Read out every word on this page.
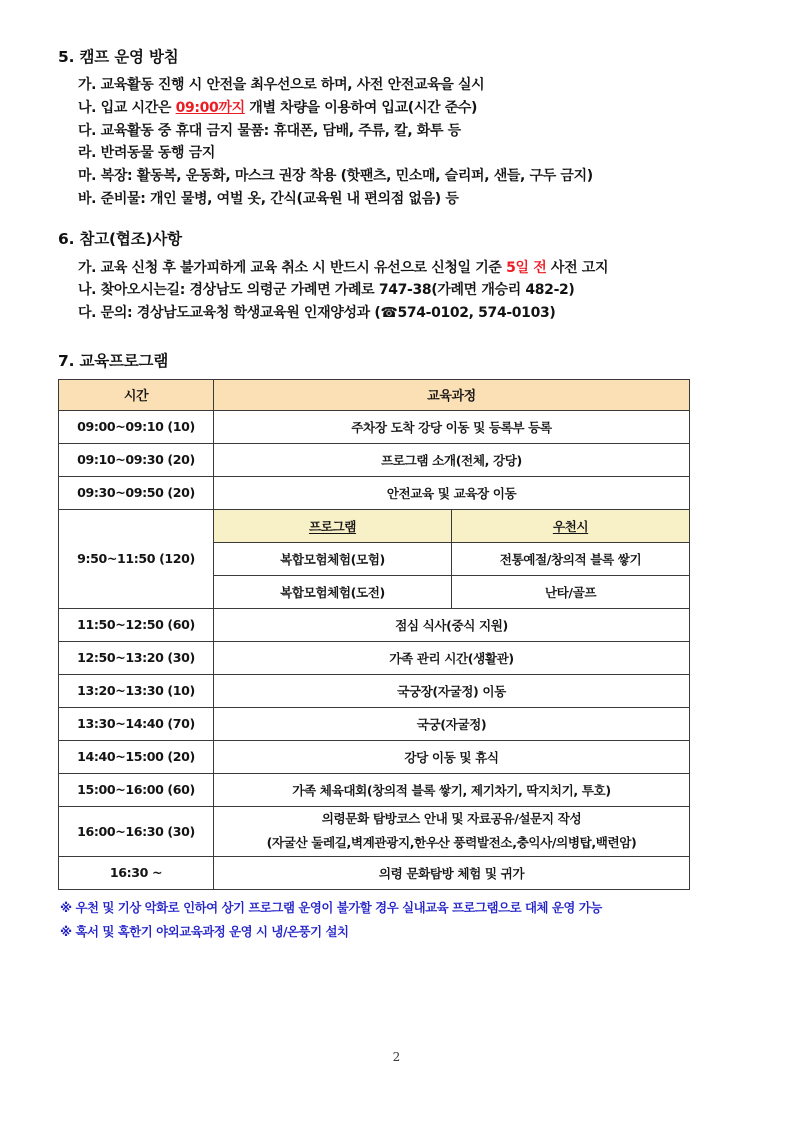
5. 캠프 운영 방침
가. 교육활동 진행 시 안전을 최우선으로 하며, 사전 안전교육을 실시
나. 입교 시간은 09:00까지 개별 차량을 이용하여 입교(시간 준수)
다. 교육활동 중 휴대 금지 물품: 휴대폰, 담배, 주류, 칼, 화투 등
라. 반려동물 동행 금지
마. 복장: 활동복, 운동화, 마스크 권장 착용 (핫팬츠, 민소매, 슬리퍼, 샌들, 구두 금지)
바. 준비물: 개인 물병, 여벌 옷, 간식(교육원 내 편의점 없음) 등
6. 참고(협조)사항
가. 교육 신청 후 불가피하게 교육 취소 시 반드시 유선으로 신청일 기준 5일 전 사전 고지
나. 찾아오시는길: 경상남도 의령군 가례면 가례로 747-38(가례면 개승리 482-2)
다. 문의: 경상남도교육청 학생교육원 인재양성과 (☎574-0102, 574-0103)
7. 교육프로그램
시간	교육과정	
09:00~09:10 (10)	주차장 도착 강당 이동 및 등록부 등록	
09:10~09:30 (20)	프로그램 소개(전체, 강당)	
09:30~09:50 (20)	안전교육 및 교육장 이동	
9:50~11:50 (120)	프로그램	우천시
	복합모험체험(모험)	전통예절/창의적 블록 쌓기
	복합모험체험(도전)	난타/골프
11:50~12:50 (60)	점심 식사(중식 지원)	
12:50~13:20 (30)	가족 관리 시간(생활관)	
13:20~13:30 (10)	국궁장(자굴정) 이동	
13:30~14:40 (70)	국궁(자굴정)	
14:40~15:00 (20)	강당 이동 및 휴식	
15:00~16:00 (60)	가족 체육대회(창의적 블록 쌓기, 제기차기, 딱지치기, 투호)	
16:00~16:30 (30)	의령문화 탐방코스 안내 및 자료공유/설문지 작성
(자굴산 둘레길,벽계관광지,한우산 풍력발전소,충익사/의병탑,백련암)	

16:30 ~	의령 문화탐방 체험 및 귀가	

※ 우천 및 기상 악화로 인하여 상기 프로그램 운영이 불가할 경우 실내교육 프로그램으로 대체 운영 가능

※ 혹서 및 혹한기 야외교육과정 운영 시 냉/온풍기 설치

2
